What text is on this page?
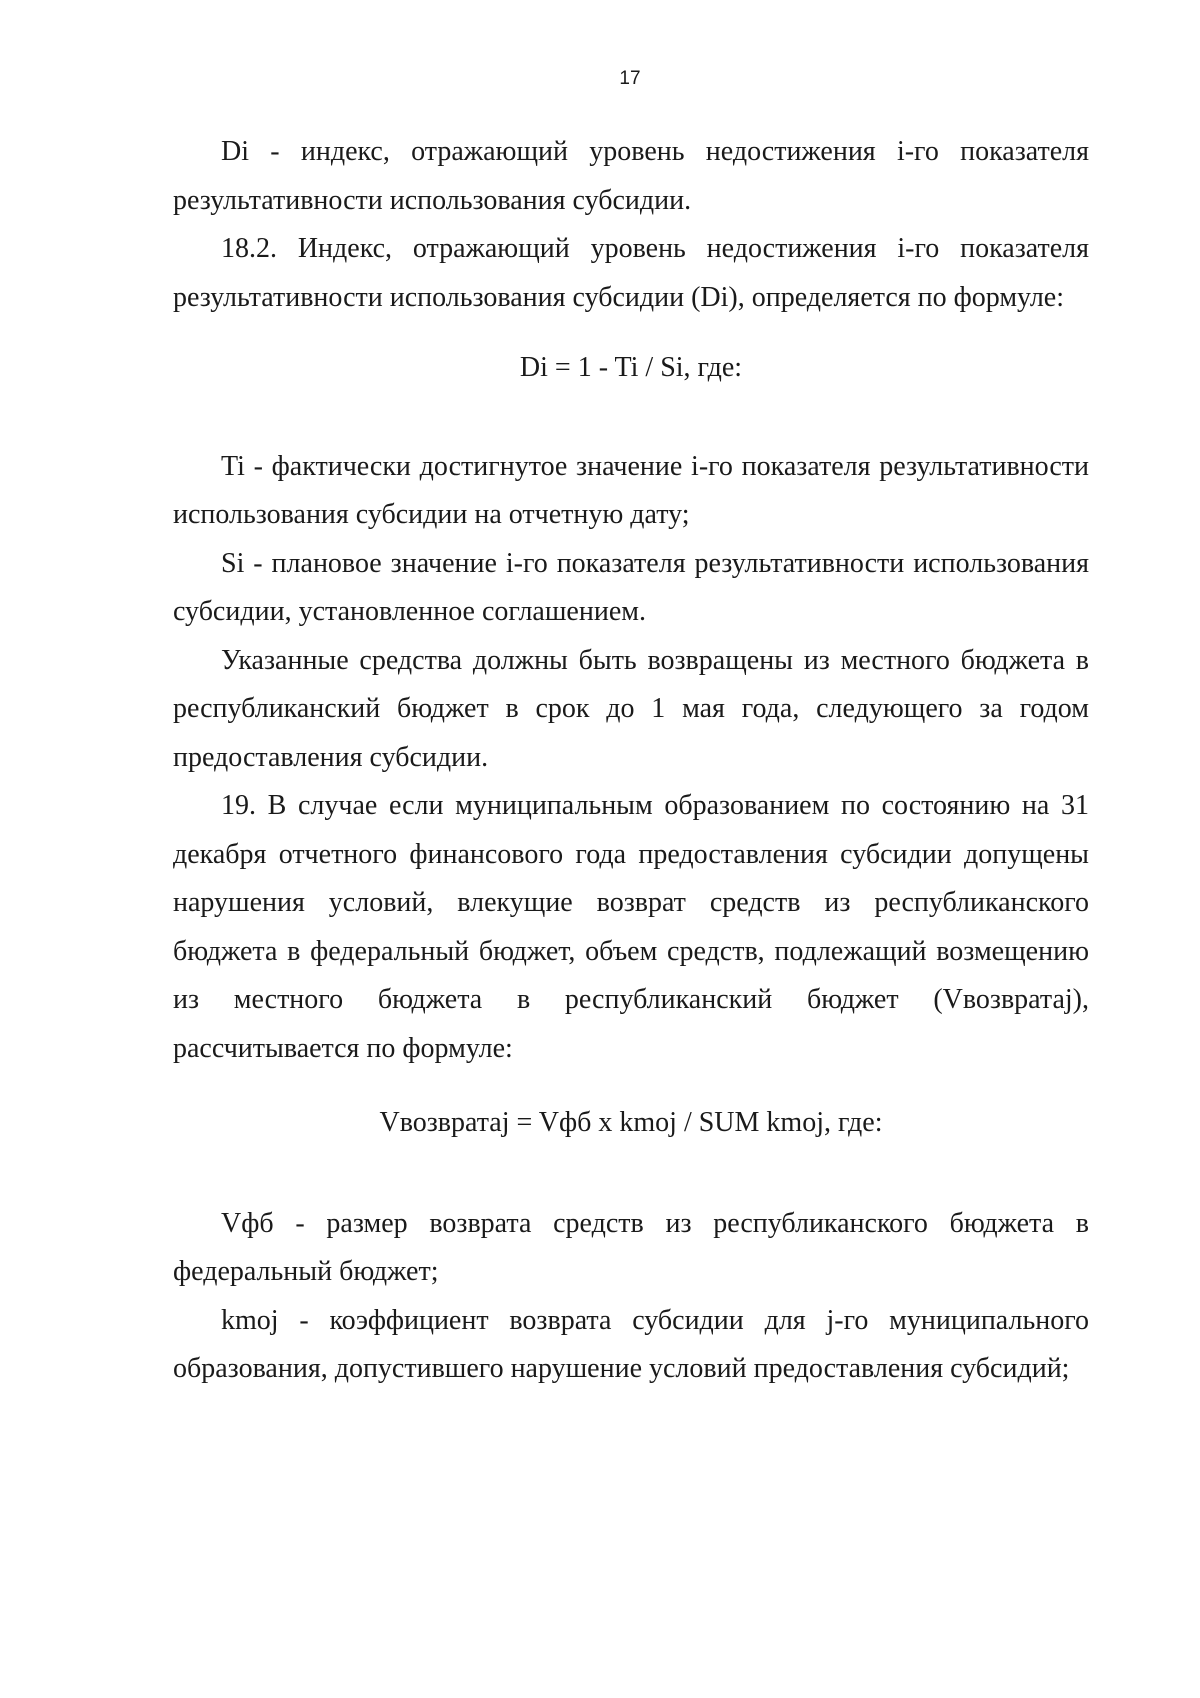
17

Di - индекс, отражающий уровень недостижения i-го показателя результативности использования субсидии.

18.2. Индекс, отражающий уровень недостижения i-го показателя результативности использования субсидии (Di), определяется по формуле:

Di = 1 - Ti / Si, где:

Ti - фактически достигнутое значение i-го показателя результативности использования субсидии на отчетную дату;

Si - плановое значение i-го показателя результативности использования субсидии, установленное соглашением.

Указанные средства должны быть возвращены из местного бюджета в республиканский бюджет в срок до 1 мая года, следующего за годом предоставления субсидии.

19. В случае если муниципальным образованием по состоянию на 31 декабря отчетного финансового года предоставления субсидии допущены нарушения условий, влекущие возврат средств из республиканского бюджета в федеральный бюджет, объем средств, подлежащий возмещению из местного бюджета в республиканский бюджет (Vвозвратаj), рассчитывается по формуле:

Vвозвратаj = Vфб x kmoj / SUM kmoj, где:

Vфб - размер возврата средств из республиканского бюджета в федеральный бюджет;

kmoj - коэффициент возврата субсидии для j-го муниципального образования, допустившего нарушение условий предоставления субсидий;
